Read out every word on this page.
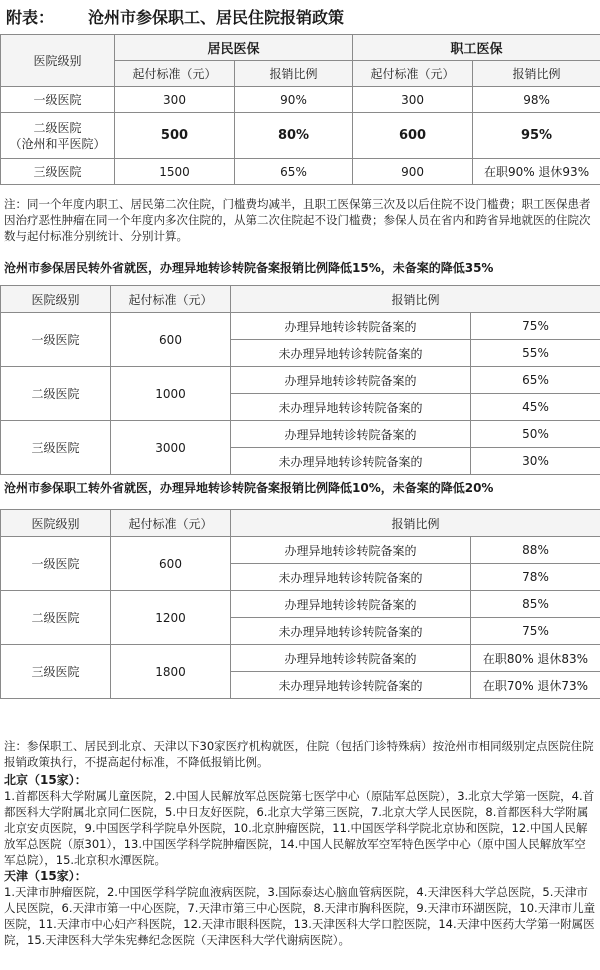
附表： 沧州市参保职工、居民住院报销政策
医院级别	居民医保		职工医保	
	起付标准（元）	报销比例	起付标准（元）	报销比例
一级医院	300	90%	300	98%

二级医院
（沧州和平医院）	500	80%	600	95%
三级医院	1500	65%	900	在职90% 退休93%
注：同一个年度内职工、居民第二次住院，门槛费均减半，且职工医保第三次及以后住院不设门槛费；职工医保患者因治疗恶性肿瘤在同一个年度内多次住院的，从第二次住院起不设门槛费；参保人员在省内和跨省异地就医的住院次数与起付标准分别统计、分别计算。
沧州市参保居民转外省就医，办理异地转诊转院备案报销比例降低15%，未备案的降低35%
医院级别	起付标准（元）	报销比例	
一级医院	600	办理异地转诊转院备案的	75%
		未办理异地转诊转院备案的	55%
二级医院	1000	办理异地转诊转院备案的	65%
		未办理异地转诊转院备案的	45%
三级医院	3000	办理异地转诊转院备案的	50%
		未办理异地转诊转院备案的	30%
沧州市参保职工转外省就医，办理异地转诊转院备案报销比例降低10%，未备案的降低20%
医院级别	起付标准（元）	报销比例	
一级医院	600	办理异地转诊转院备案的	88%
		未办理异地转诊转院备案的	78%
二级医院	1200	办理异地转诊转院备案的	85%
		未办理异地转诊转院备案的	75%
三级医院	1800	办理异地转诊转院备案的	在职80% 退休83%
		未办理异地转诊转院备案的	在职70% 退休73%
注：参保职工、居民到北京、天津以下30家医疗机构就医，住院（包括门诊特殊病）按沧州市相同级别定点医院住院报销政策执行，不提高起付标准，不降低报销比例。
北京（15家）：
1.首都医科大学附属儿童医院，2.中国人民解放军总医院第七医学中心（原陆军总医院），3.北京大学第一医院，4.首都医科大学附属北京同仁医院，5.中日友好医院，6.北京大学第三医院，7.北京大学人民医院，8.首都医科大学附属北京安贞医院，9.中国医学科学院阜外医院，10.北京肿瘤医院，11.中国医学科学院北京协和医院，12.中国人民解放军总医院（原301），13.中国医学科学院肿瘤医院，14.中国人民解放军空军特色医学中心（原中国人民解放军空军总院），15.北京积水潭医院。
天津（15家）：
1.天津市肿瘤医院，2.中国医学科学院血液病医院，3.国际泰达心脑血管病医院，4.天津医科大学总医院，5.天津市人民医院，6.天津市第一中心医院，7.天津市第三中心医院，8.天津市胸科医院，9.天津市环湖医院，10.天津市儿童医院，11.天津市中心妇产科医院，12.天津市眼科医院，13.天津医科大学口腔医院，14.天津中医药大学第一附属医院，15.天津医科大学朱宪彝纪念医院（天津医科大学代谢病医院）。
